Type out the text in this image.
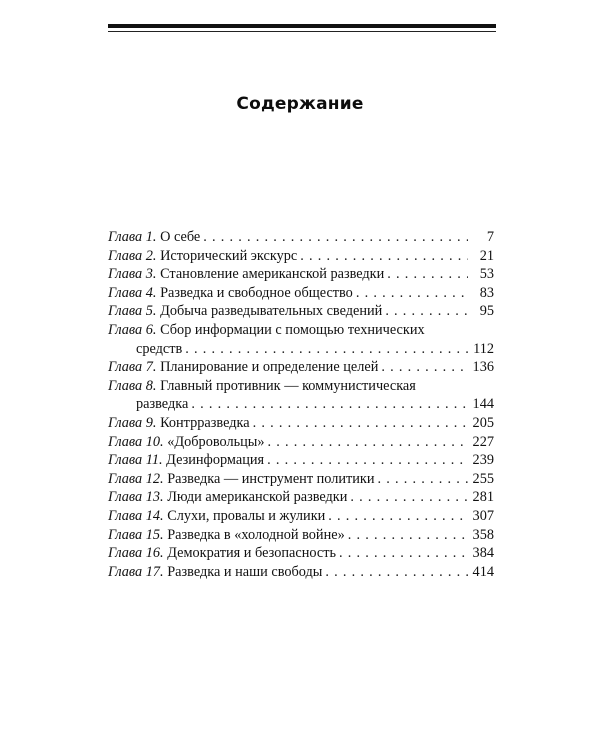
Содержание
Глава 1. О себе . . .	7
Глава 2. Исторический экскурс . . .	21
Глава 3. Становление американской разведки . . .	53
Глава 4. Разведка и свободное общество . . .	83
Глава 5. Добыча разведывательных сведений . . .	95
Глава 6. Сбор информации с помощью технических
средств . . .	112
Глава 7. Планирование и определение целей . . .	136
Глава 8. Главный противник — коммунистическая
разведка . . .	144
Глава 9. Контрразведка . . .	205
Глава 10. «Добровольцы» . . .	227
Глава 11. Дезинформация . . .	239
Глава 12. Разведка — инструмент политики . . .	255
Глава 13. Люди американской разведки . . .	281
Глава 14. Слухи, провалы и жулики . . .	307
Глава 15. Разведка в «холодной войне» . . .	358
Глава 16. Демократия и безопасность . . .	384
Глава 17. Разведка и наши свободы . . .	414
